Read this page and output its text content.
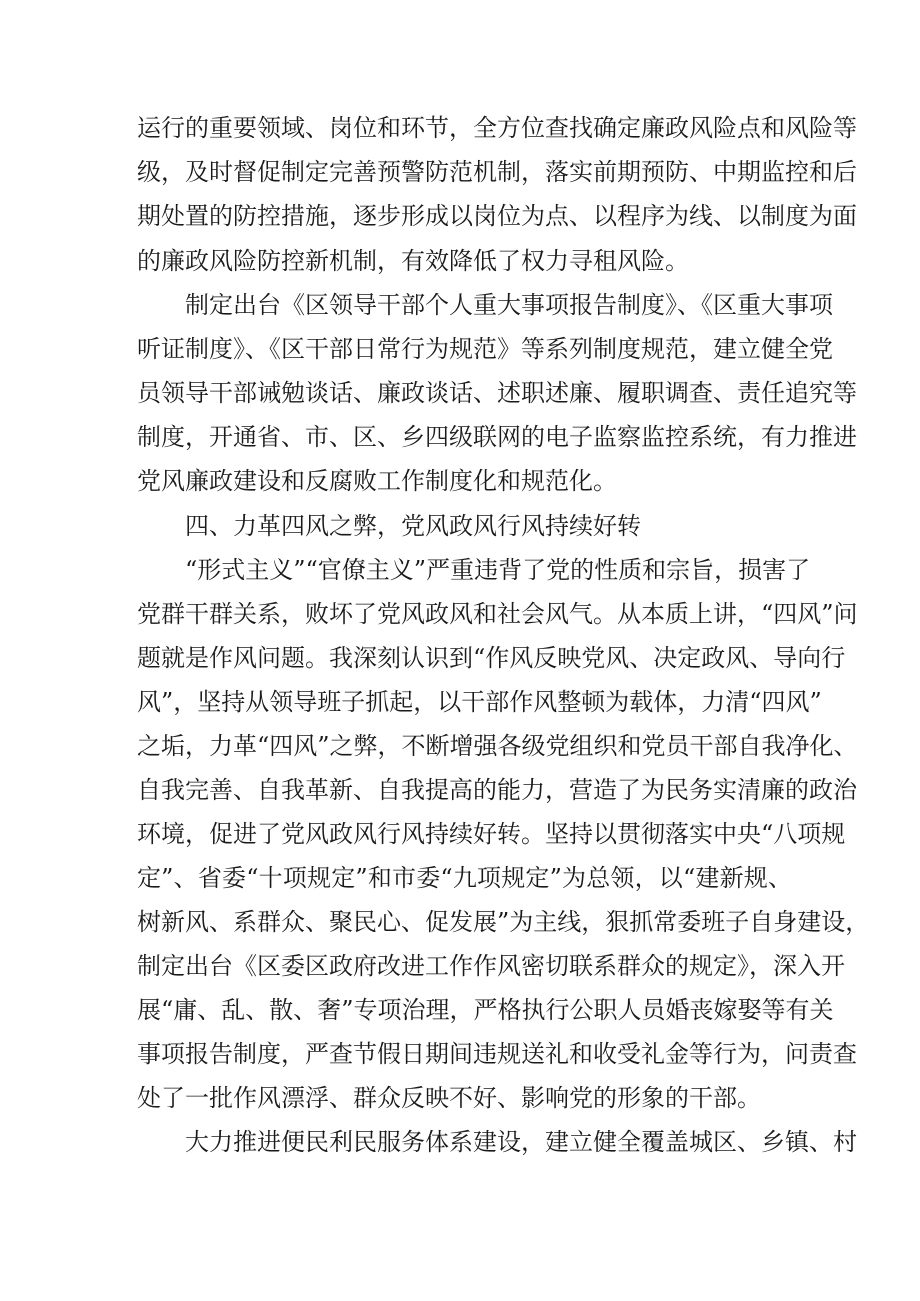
运行的重要领域、岗位和环节，全方位查找确定廉政风险点和风险等
级，及时督促制定完善预警防范机制，落实前期预防、中期监控和后
期处置的防控措施，逐步形成以岗位为点、以程序为线、以制度为面
的廉政风险防控新机制，有效降低了权力寻租风险。
制定出台《区领导干部个人重大事项报告制度》、《区重大事项
听证制度》、《区干部日常行为规范》等系列制度规范，建立健全党
员领导干部诫勉谈话、廉政谈话、述职述廉、履职调查、责任追究等
制度，开通省、市、区、乡四级联网的电子监察监控系统，有力推进
党风廉政建设和反腐败工作制度化和规范化。
四、力革四风之弊，党风政风行风持续好转
“形式主义”“官僚主义”严重违背了党的性质和宗旨，损害了
党群干群关系，败坏了党风政风和社会风气。从本质上讲，“四风”问
题就是作风问题。我深刻认识到“作风反映党风、决定政风、导向行
风”，坚持从领导班子抓起，以干部作风整顿为载体，力清“四风”
之垢，力革“四风”之弊，不断增强各级党组织和党员干部自我净化、
自我完善、自我革新、自我提高的能力，营造了为民务实清廉的政治
环境，促进了党风政风行风持续好转。坚持以贯彻落实中央“八项规
定”、省委“十项规定”和市委“九项规定”为总领，以“建新规、
树新风、系群众、聚民心、促发展”为主线，狠抓常委班子自身建设，
制定出台《区委区政府改进工作作风密切联系群众的规定》，深入开
展“庸、乱、散、奢”专项治理，严格执行公职人员婚丧嫁娶等有关
事项报告制度，严查节假日期间违规送礼和收受礼金等行为，问责查
处了一批作风漂浮、群众反映不好、影响党的形象的干部。
大力推进便民利民服务体系建设，建立健全覆盖城区、乡镇、村
